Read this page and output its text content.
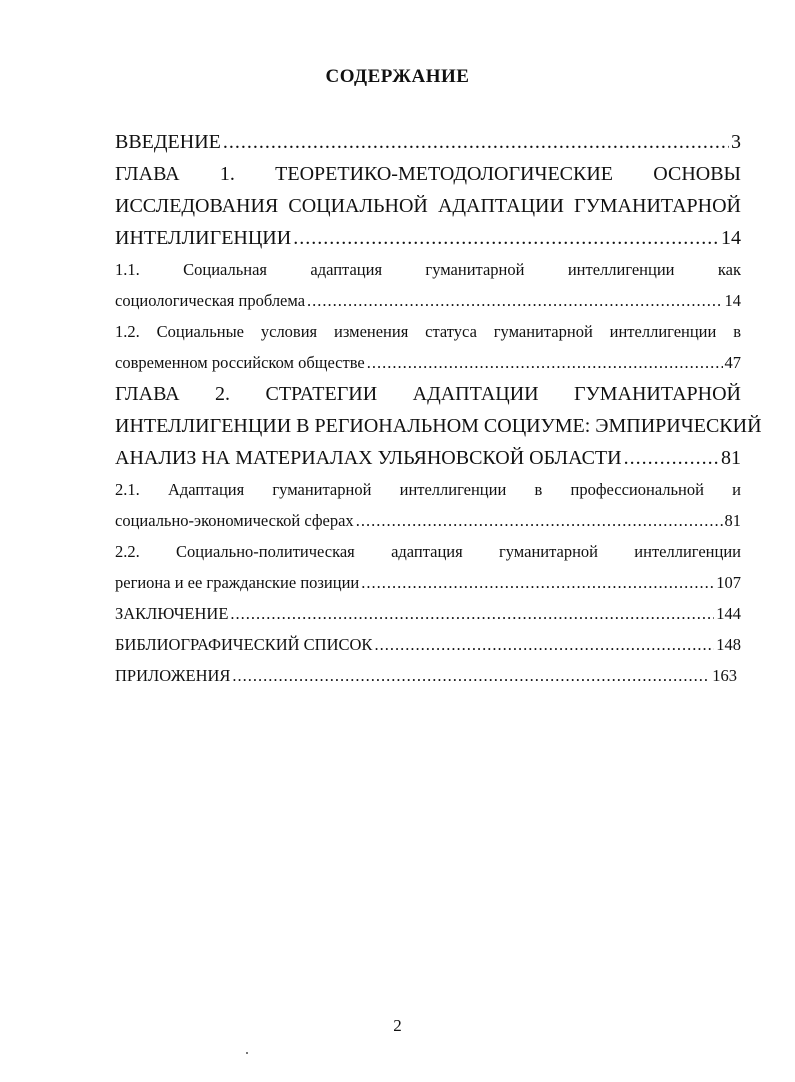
СОДЕРЖАНИЕ
ВВЕДЕНИЕ .....	3
ГЛАВА 1. ТЕОРЕТИКО-МЕТОДОЛОГИЧЕСКИЕ ОСНОВЫ
ИССЛЕДОВАНИЯ СОЦИАЛЬНОЙ АДАПТАЦИИ ГУМАНИТАРНОЙ
ИНТЕЛЛИГЕНЦИИ .....	14
1.1. Социальная адаптация гуманитарной интеллигенции как
социологическая проблема .....	14
1.2. Социальные условия изменения статуса гуманитарной интеллигенции в
современном российском обществе .....	47
ГЛАВА 2. СТРАТЕГИИ АДАПТАЦИИ ГУМАНИТАРНОЙ
ИНТЕЛЛИГЕНЦИИ В РЕГИОНАЛЬНОМ СОЦИУМЕ: ЭМПИРИЧЕСКИЙ
АНАЛИЗ НА МАТЕРИАЛАХ УЛЬЯНОВСКОЙ ОБЛАСТИ .....	81
2.1. Адаптация гуманитарной интеллигенции в профессиональной и
социально-экономической сферах .....	81
2.2. Социально-политическая адаптация гуманитарной интеллигенции
региона и ее гражданские позиции .....	107
ЗАКЛЮЧЕНИЕ .....	144
БИБЛИОГРАФИЧЕСКИЙ СПИСОК .....	148
ПРИЛОЖЕНИЯ .....	163
2
